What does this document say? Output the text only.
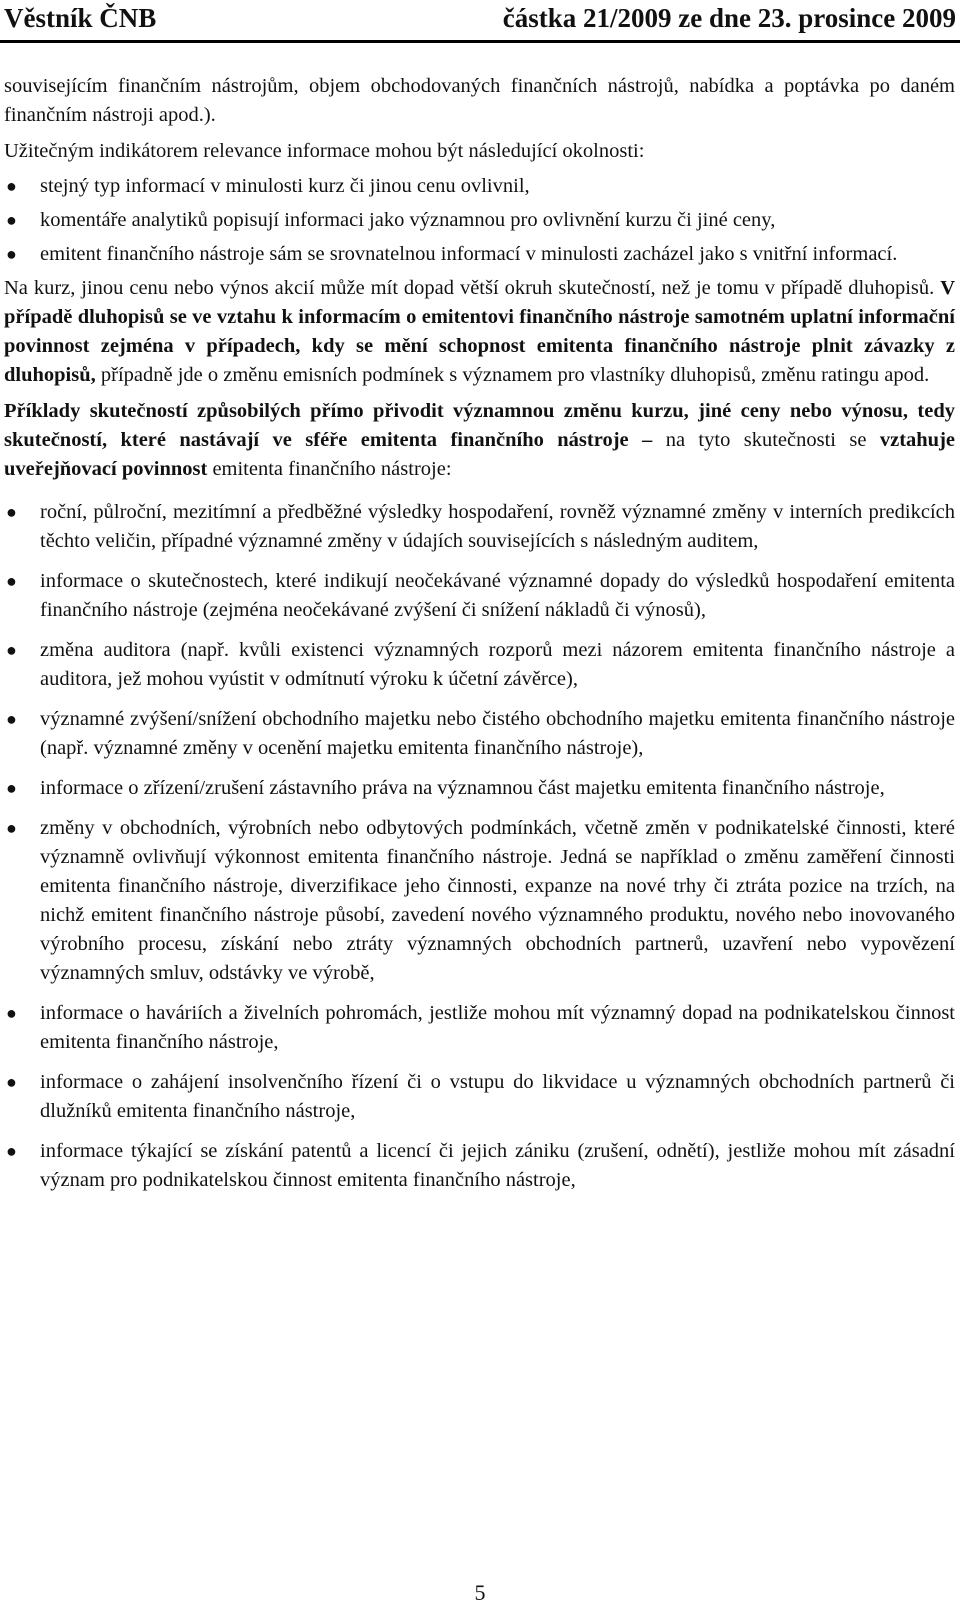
Věstník ČNB	částka 21/2009 ze dne 23. prosince 2009

souvisejícím finančním nástrojům, objem obchodovaných finančních nástrojů, nabídka a poptávka po daném finančním nástroji apod.).

Užitečným indikátorem relevance informace mohou být následující okolnosti:

● stejný typ informací v minulosti kurz či jinou cenu ovlivnil,
● komentáře analytiků popisují informaci jako významnou pro ovlivnění kurzu či jiné ceny,
● emitent finančního nástroje sám se srovnatelnou informací v minulosti zacházel jako s vnitřní informací.

Na kurz, jinou cenu nebo výnos akcií může mít dopad větší okruh skutečností, než je tomu v případě dluhopisů. V případě dluhopisů se ve vztahu k informacím o emitentovi finančního nástroje samotném uplatní informační povinnost zejména v případech, kdy se mění schopnost emitenta finančního nástroje plnit závazky z dluhopisů, případně jde o změnu emisních podmínek s významem pro vlastníky dluhopisů, změnu ratingu apod.

Příklady skutečností způsobilých přímo přivodit významnou změnu kurzu, jiné ceny nebo výnosu, tedy skutečností, které nastávají ve sféře emitenta finančního nástroje – na tyto skutečnosti se vztahuje uveřejňovací povinnost emitenta finančního nástroje:

● roční, půlroční, mezitímní a předběžné výsledky hospodaření, rovněž významné změny v interních predikcích těchto veličin, případné významné změny v údajích souvisejících s následným auditem,
● informace o skutečnostech, které indikují neočekávané významné dopady do výsledků hospodaření emitenta finančního nástroje (zejména neočekávané zvýšení či snížení nákladů či výnosů),
● změna auditora (např. kvůli existenci významných rozporů mezi názorem emitenta finančního nástroje a auditora, jež mohou vyústit v odmítnutí výroku k účetní závěrce),
● významné zvýšení/snížení obchodního majetku nebo čistého obchodního majetku emitenta finančního nástroje (např. významné změny v ocenění majetku emitenta finančního nástroje),
● informace o zřízení/zrušení zástavního práva na významnou část majetku emitenta finančního nástroje,
● změny v obchodních, výrobních nebo odbytových podmínkách, včetně změn v podnikatelské činnosti, které významně ovlivňují výkonnost emitenta finančního nástroje. Jedná se například o změnu zaměření činnosti emitenta finančního nástroje, diverzifikace jeho činnosti, expanze na nové trhy či ztráta pozice na trzích, na nichž emitent finančního nástroje působí, zavedení nového významného produktu, nového nebo inovovaného výrobního procesu, získání nebo ztráty významných obchodních partnerů, uzavření nebo vypovězení významných smluv, odstávky ve výrobě,
● informace o haváriích a živelních pohromách, jestliže mohou mít významný dopad na podnikatelskou činnost emitenta finančního nástroje,
● informace o zahájení insolvenčního řízení či o vstupu do likvidace u významných obchodních partnerů či dlužníků emitenta finančního nástroje,
● informace týkající se získání patentů a licencí či jejich zániku (zrušení, odnětí), jestliže mohou mít zásadní význam pro podnikatelskou činnost emitenta finančního nástroje,
5
